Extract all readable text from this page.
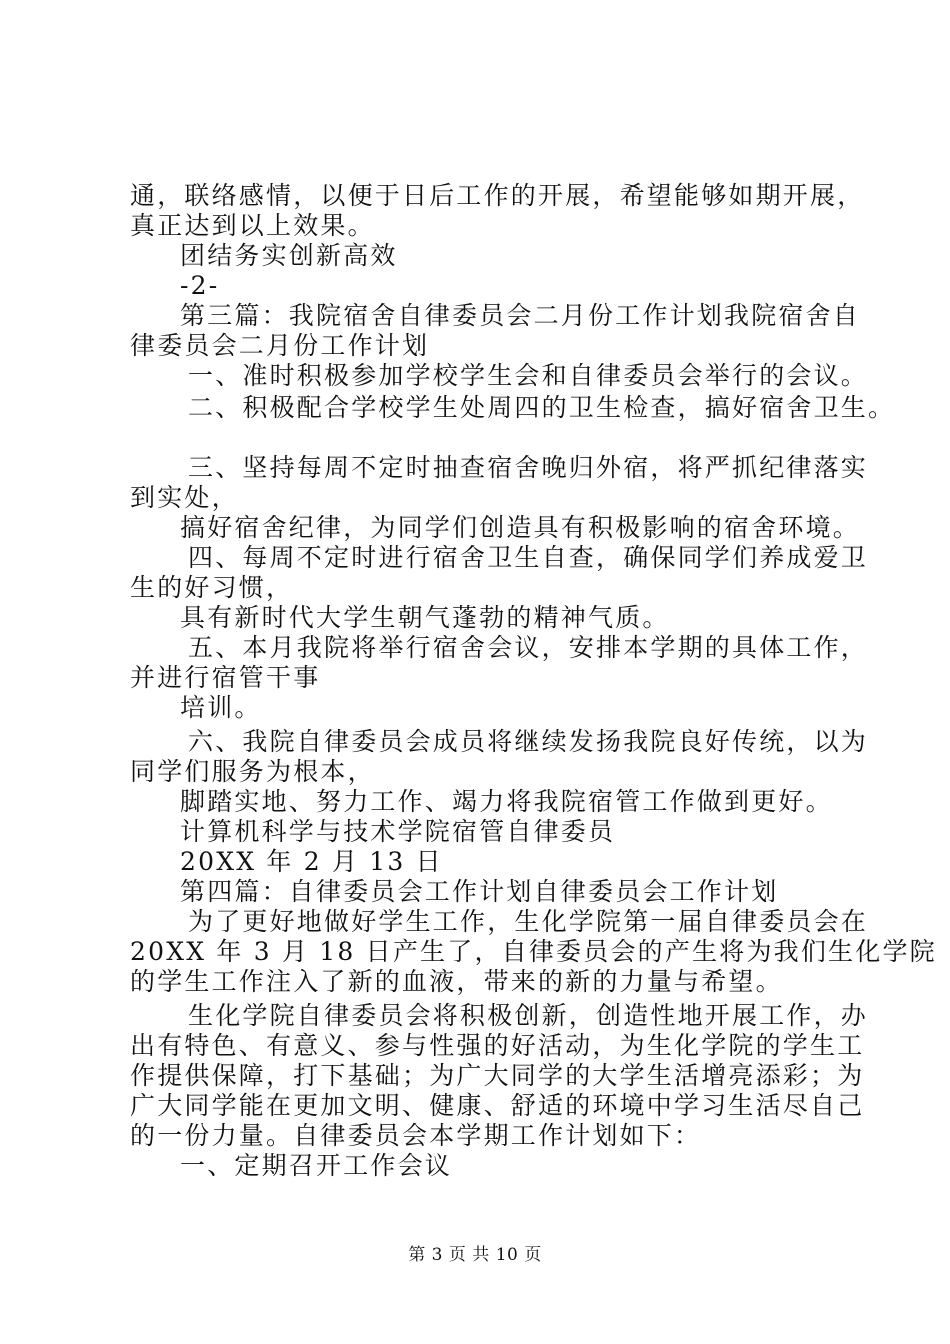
通，联络感情，以便于日后工作的开展，希望能够如期开展，
真正达到以上效果。
团结务实创新高效
-2-
第三篇：我院宿舍自律委员会二月份工作计划我院宿舍自
律委员会二月份工作计划
一、准时积极参加学校学生会和自律委员会举行的会议。
二、积极配合学校学生处周四的卫生检查，搞好宿舍卫生。
三、坚持每周不定时抽查宿舍晚归外宿，将严抓纪律落实
到实处，
搞好宿舍纪律，为同学们创造具有积极影响的宿舍环境。
四、每周不定时进行宿舍卫生自查，确保同学们养成爱卫
生的好习惯，
具有新时代大学生朝气蓬勃的精神气质。
五、本月我院将举行宿舍会议，安排本学期的具体工作，
并进行宿管干事
培训。
六、我院自律委员会成员将继续发扬我院良好传统，以为
同学们服务为根本，
脚踏实地、努力工作、竭力将我院宿管工作做到更好。
计算机科学与技术学院宿管自律委员
20XX 年 2 月 13 日
第四篇：自律委员会工作计划自律委员会工作计划
为了更好地做好学生工作，生化学院第一届自律委员会在
20XX 年 3 月 18 日产生了，自律委员会的产生将为我们生化学院
的学生工作注入了新的血液，带来的新的力量与希望。
生化学院自律委员会将积极创新，创造性地开展工作，办
出有特色、有意义、参与性强的好活动，为生化学院的学生工
作提供保障，打下基础；为广大同学的大学生活增亮添彩；为
广大同学能在更加文明、健康、舒适的环境中学习生活尽自己
的一份力量。自律委员会本学期工作计划如下：
一、定期召开工作会议
第 3 页 共 10 页
